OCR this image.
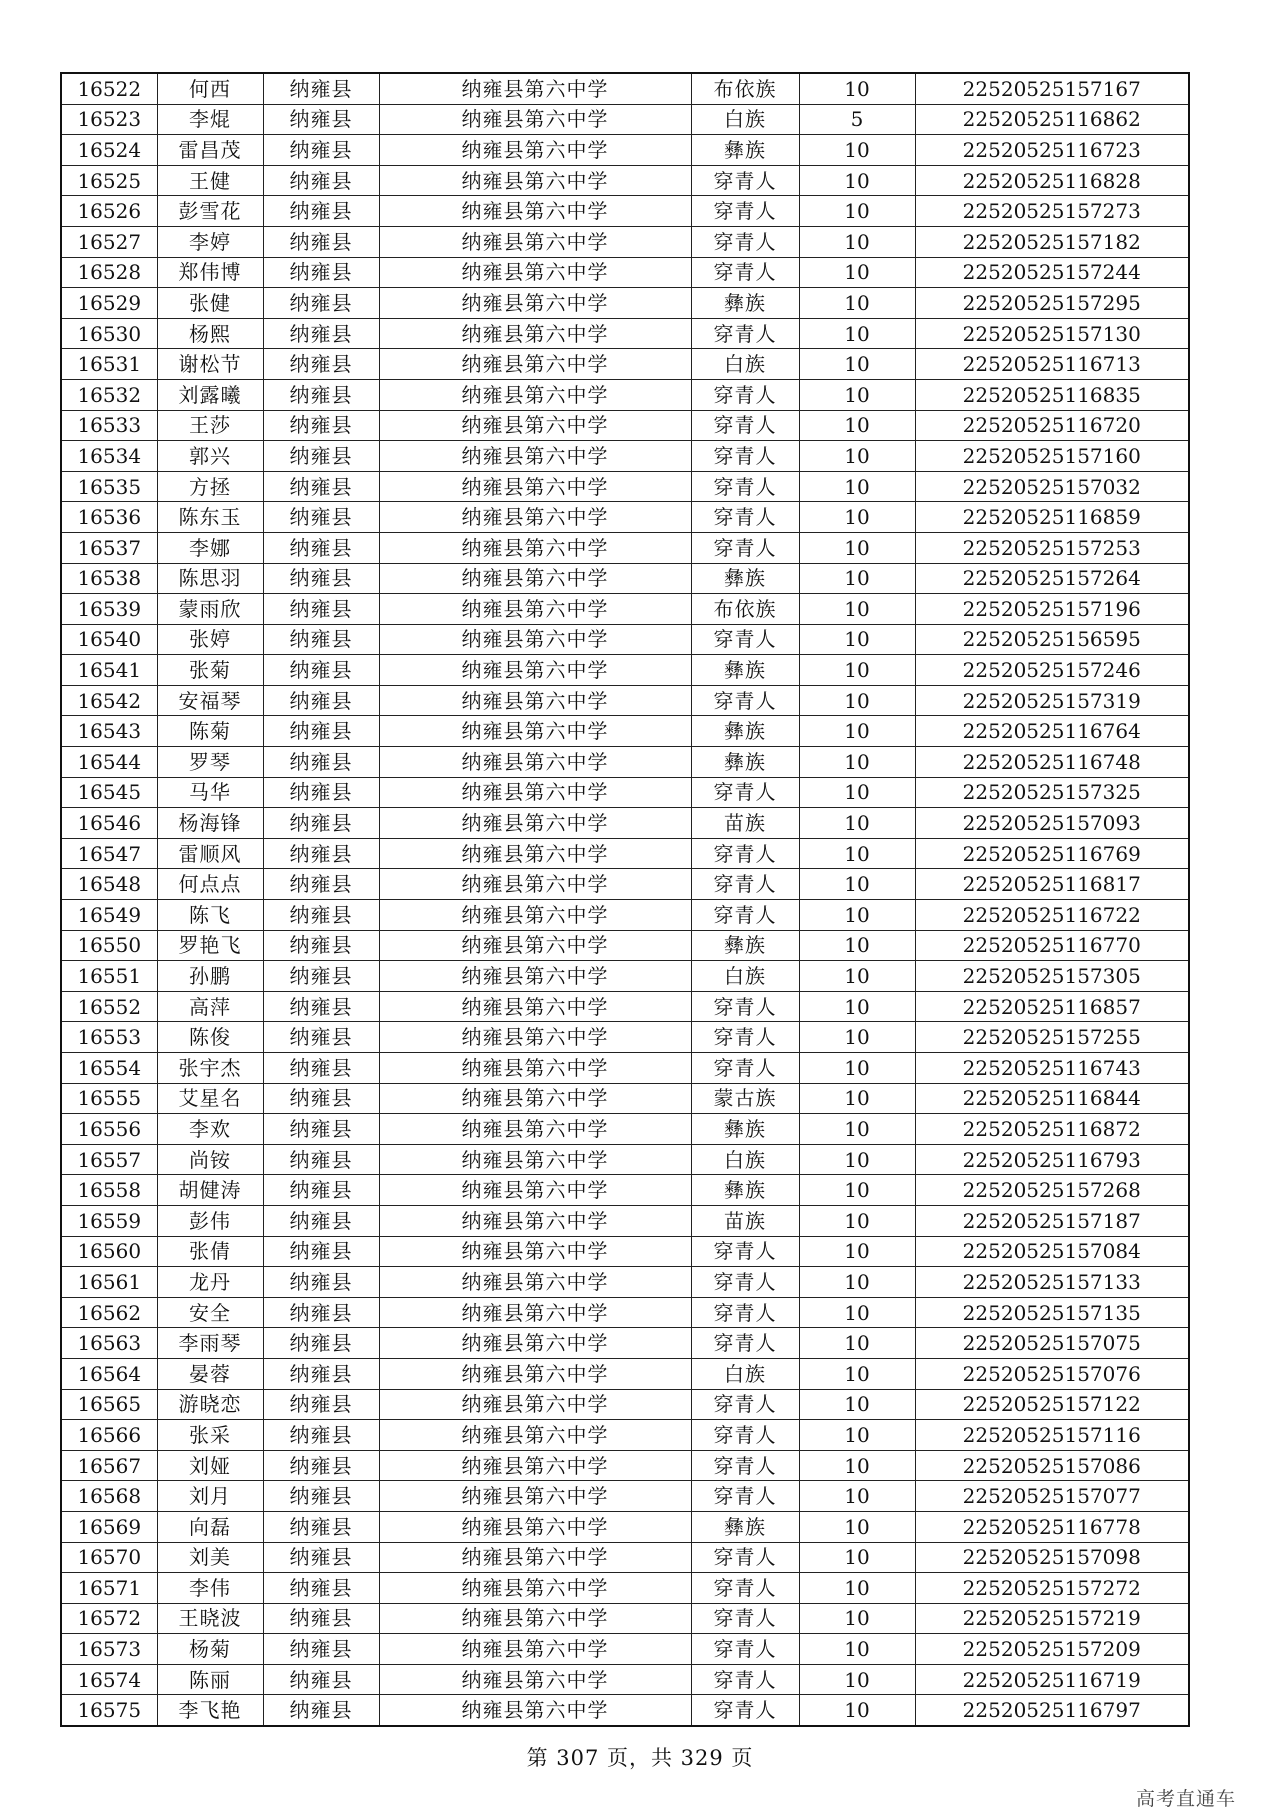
16522	何西	纳雍县	纳雍县第六中学	布依族	10	22520525157167
16523	李焜	纳雍县	纳雍县第六中学	白族	5	22520525116862
16524	雷昌茂	纳雍县	纳雍县第六中学	彝族	10	22520525116723
16525	王健	纳雍县	纳雍县第六中学	穿青人	10	22520525116828
16526	彭雪花	纳雍县	纳雍县第六中学	穿青人	10	22520525157273
16527	李婷	纳雍县	纳雍县第六中学	穿青人	10	22520525157182
16528	郑伟博	纳雍县	纳雍县第六中学	穿青人	10	22520525157244
16529	张健	纳雍县	纳雍县第六中学	彝族	10	22520525157295
16530	杨熙	纳雍县	纳雍县第六中学	穿青人	10	22520525157130
16531	谢松节	纳雍县	纳雍县第六中学	白族	10	22520525116713
16532	刘露曦	纳雍县	纳雍县第六中学	穿青人	10	22520525116835
16533	王莎	纳雍县	纳雍县第六中学	穿青人	10	22520525116720
16534	郭兴	纳雍县	纳雍县第六中学	穿青人	10	22520525157160
16535	方拯	纳雍县	纳雍县第六中学	穿青人	10	22520525157032
16536	陈东玉	纳雍县	纳雍县第六中学	穿青人	10	22520525116859
16537	李娜	纳雍县	纳雍县第六中学	穿青人	10	22520525157253
16538	陈思羽	纳雍县	纳雍县第六中学	彝族	10	22520525157264
16539	蒙雨欣	纳雍县	纳雍县第六中学	布依族	10	22520525157196
16540	张婷	纳雍县	纳雍县第六中学	穿青人	10	22520525156595
16541	张菊	纳雍县	纳雍县第六中学	彝族	10	22520525157246
16542	安福琴	纳雍县	纳雍县第六中学	穿青人	10	22520525157319
16543	陈菊	纳雍县	纳雍县第六中学	彝族	10	22520525116764
16544	罗琴	纳雍县	纳雍县第六中学	彝族	10	22520525116748
16545	马华	纳雍县	纳雍县第六中学	穿青人	10	22520525157325
16546	杨海锋	纳雍县	纳雍县第六中学	苗族	10	22520525157093
16547	雷顺风	纳雍县	纳雍县第六中学	穿青人	10	22520525116769
16548	何点点	纳雍县	纳雍县第六中学	穿青人	10	22520525116817
16549	陈飞	纳雍县	纳雍县第六中学	穿青人	10	22520525116722
16550	罗艳飞	纳雍县	纳雍县第六中学	彝族	10	22520525116770
16551	孙鹏	纳雍县	纳雍县第六中学	白族	10	22520525157305
16552	高萍	纳雍县	纳雍县第六中学	穿青人	10	22520525116857
16553	陈俊	纳雍县	纳雍县第六中学	穿青人	10	22520525157255
16554	张宇杰	纳雍县	纳雍县第六中学	穿青人	10	22520525116743
16555	艾星名	纳雍县	纳雍县第六中学	蒙古族	10	22520525116844
16556	李欢	纳雍县	纳雍县第六中学	彝族	10	22520525116872
16557	尚铵	纳雍县	纳雍县第六中学	白族	10	22520525116793
16558	胡健涛	纳雍县	纳雍县第六中学	彝族	10	22520525157268
16559	彭伟	纳雍县	纳雍县第六中学	苗族	10	22520525157187
16560	张倩	纳雍县	纳雍县第六中学	穿青人	10	22520525157084
16561	龙丹	纳雍县	纳雍县第六中学	穿青人	10	22520525157133
16562	安全	纳雍县	纳雍县第六中学	穿青人	10	22520525157135
16563	李雨琴	纳雍县	纳雍县第六中学	穿青人	10	22520525157075
16564	晏蓉	纳雍县	纳雍县第六中学	白族	10	22520525157076
16565	游晓恋	纳雍县	纳雍县第六中学	穿青人	10	22520525157122
16566	张采	纳雍县	纳雍县第六中学	穿青人	10	22520525157116
16567	刘娅	纳雍县	纳雍县第六中学	穿青人	10	22520525157086
16568	刘月	纳雍县	纳雍县第六中学	穿青人	10	22520525157077
16569	向磊	纳雍县	纳雍县第六中学	彝族	10	22520525116778
16570	刘美	纳雍县	纳雍县第六中学	穿青人	10	22520525157098
16571	李伟	纳雍县	纳雍县第六中学	穿青人	10	22520525157272
16572	王晓波	纳雍县	纳雍县第六中学	穿青人	10	22520525157219
16573	杨菊	纳雍县	纳雍县第六中学	穿青人	10	22520525157209
16574	陈丽	纳雍县	纳雍县第六中学	穿青人	10	22520525116719
16575	李飞艳	纳雍县	纳雍县第六中学	穿青人	10	22520525116797
第 307 页，共 329 页
高考直通车
